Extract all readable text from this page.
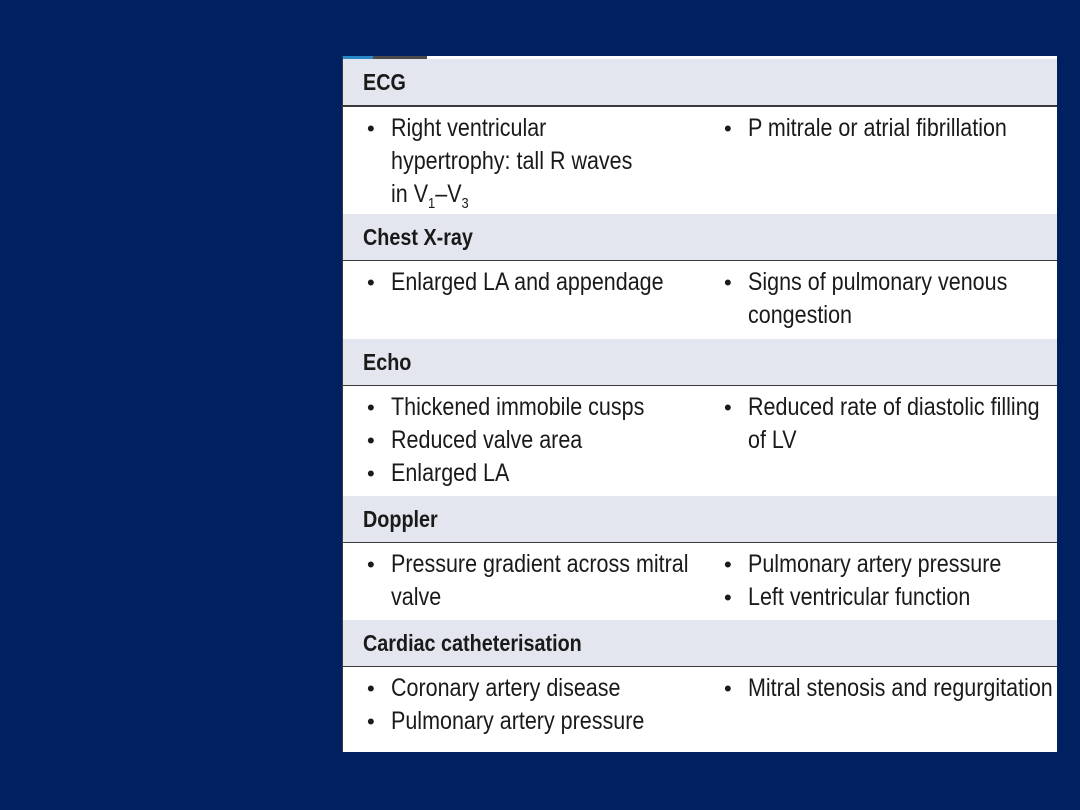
ECG
• Right ventricular
hypertrophy: tall R waves
in $V_1-V_3$
• P mitrale or atrial fibrillation
Chest X-ray
• Enlarged LA and appendage	• Signs of pulmonary venous congestion
Echo
• Thickened immobile cusps
• Reduced valve area
• Enlarged LA
• Reduced rate of diastolic filling of LV
Doppler
• Pressure gradient across mitral valve
• Pulmonary artery pressure
• Left ventricular function
Cardiac catheterisation
• Coronary artery disease
• Pulmonary artery pressure
• Mitral stenosis and regurgitation
